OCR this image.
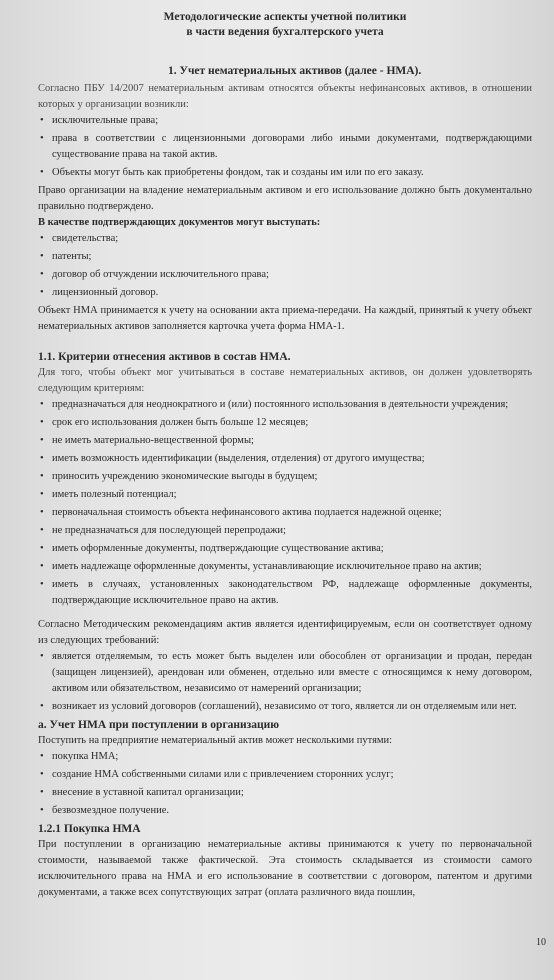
Методологические аспекты учетной политики
в части ведения бухгалтерского учета
1. Учет нематериальных активов (далее - НМА).

Согласно ПБУ 14/2007 нематериальным активам относятся объекты нефинансовых активов, в отношении которых у организации возникли:

• исключительные права;
• права в соответствии с лицензионными договорами либо иными документами, подтверждающими существование права на такой актив.
• Объекты могут быть как приобретены фондом, так и созданы им или по его заказу.

Право организации на владение нематериальным активом и его использование должно быть документально правильно подтверждено.

В качестве подтверждающих документов могут выступать:

• свидетельства;
• патенты;
• договор об отчуждении исключительного права;
• лицензионный договор.

Объект НМА принимается к учету на основании акта приема-передачи. На каждый, принятый к учету объект нематериальных активов заполняется карточка учета форма НМА-1.

1.1. Критерии отнесения активов в состав НМА.

Для того, чтобы объект мог учитываться в составе нематериальных активов, он должен удовлетворять следующим критериям:

• предназначаться для неоднократного и (или) постоянного использования в деятельности учреждения;
• срок его использования должен быть больше 12 месяцев;
• не иметь материально-вещественной формы;
• иметь возможность идентификации (выделения, отделения) от другого имущества;
• приносить учреждению экономические выгоды в будущем;
• иметь полезный потенциал;
• первоначальная стоимость объекта нефинансового актива подлается надежной оценке;
• не предназначаться для последующей перепродажи;
• иметь оформленные документы, подтверждающие существование актива;
• иметь надлежаще оформленные документы, устанавливающие исключительное право на актив;
• иметь в случаях, установленных законодательством РФ, надлежаще оформленные документы, подтверждающие исключительное право на актив.

Согласно Методическим рекомендациям актив является идентифицируемым, если он соответствует одному из следующих требований:

• является отделяемым, то есть может быть выделен или обособлен от организации и продан, передан (защищен лицензией), арендован или обменен, отдельно или вместе с относящимся к нему договором, активом или обязательством, независимо от намерений организации;
• возникает из условий договоров (соглашений), независимо от того, является ли он отделяемым или нет.
a. Учет НМА при поступлении в организацию

Поступить на предприятие нематериальный актив может несколькими путями:

• покупка НМА;
• создание НМА собственными силами или с привлечением сторонних услуг;
• внесение в уставной капитал организации;
• безвозмездное получение.
1.2.1 Покупка НМА

При поступлении в организацию нематериальные активы принимаются к учету по первоначальной стоимости, называемой также фактической. Эта стоимость складывается из стоимости самого исключительного права на НМА и его использование в соответствии с договором, патентом и другими документами, а также всех сопутствующих затрат (оплата различного вида пошлин,

10
